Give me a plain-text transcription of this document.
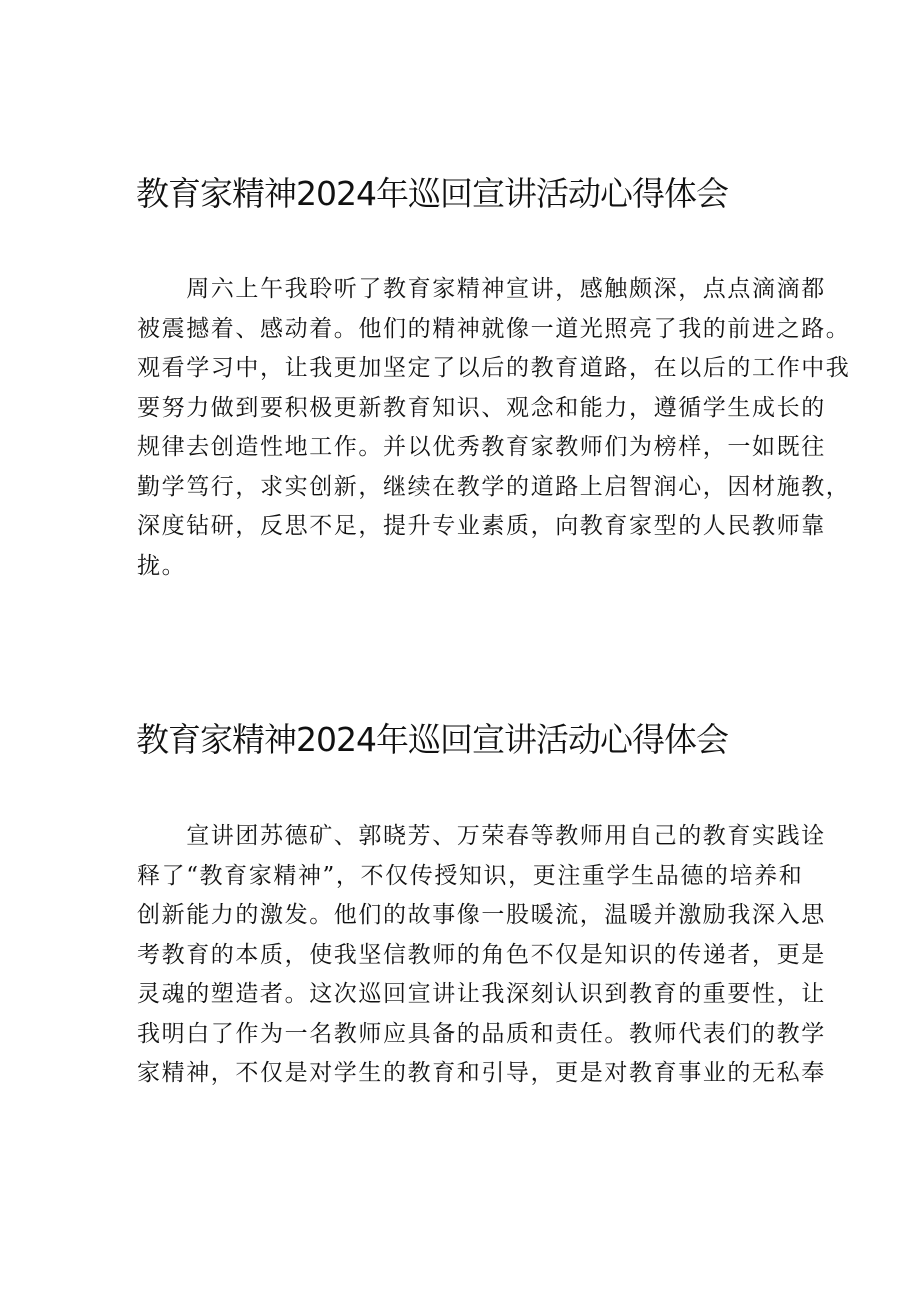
教育家精神2024年巡回宣讲活动心得体会
　　周六上午我聆听了教育家精神宣讲，感触颇深，点点滴滴都
被震撼着、感动着。他们的精神就像一道光照亮了我的前进之路。
观看学习中，让我更加坚定了以后的教育道路，在以后的工作中我
要努力做到要积极更新教育知识、观念和能力，遵循学生成长的
规律去创造性地工作。并以优秀教育家教师们为榜样，一如既往
勤学笃行，求实创新，继续在教学的道路上启智润心，因材施教，
深度钻研，反思不足，提升专业素质，向教育家型的人民教师靠
拢。
教育家精神2024年巡回宣讲活动心得体会
　　宣讲团苏德矿、郭晓芳、万荣春等教师用自己的教育实践诠
释了“教育家精神”，不仅传授知识，更注重学生品德的培养和
创新能力的激发。他们的故事像一股暖流，温暖并激励我深入思
考教育的本质，使我坚信教师的角色不仅是知识的传递者，更是
灵魂的塑造者。这次巡回宣讲让我深刻认识到教育的重要性，让
我明白了作为一名教师应具备的品质和责任。教师代表们的教学
家精神，不仅是对学生的教育和引导，更是对教育事业的无私奉
